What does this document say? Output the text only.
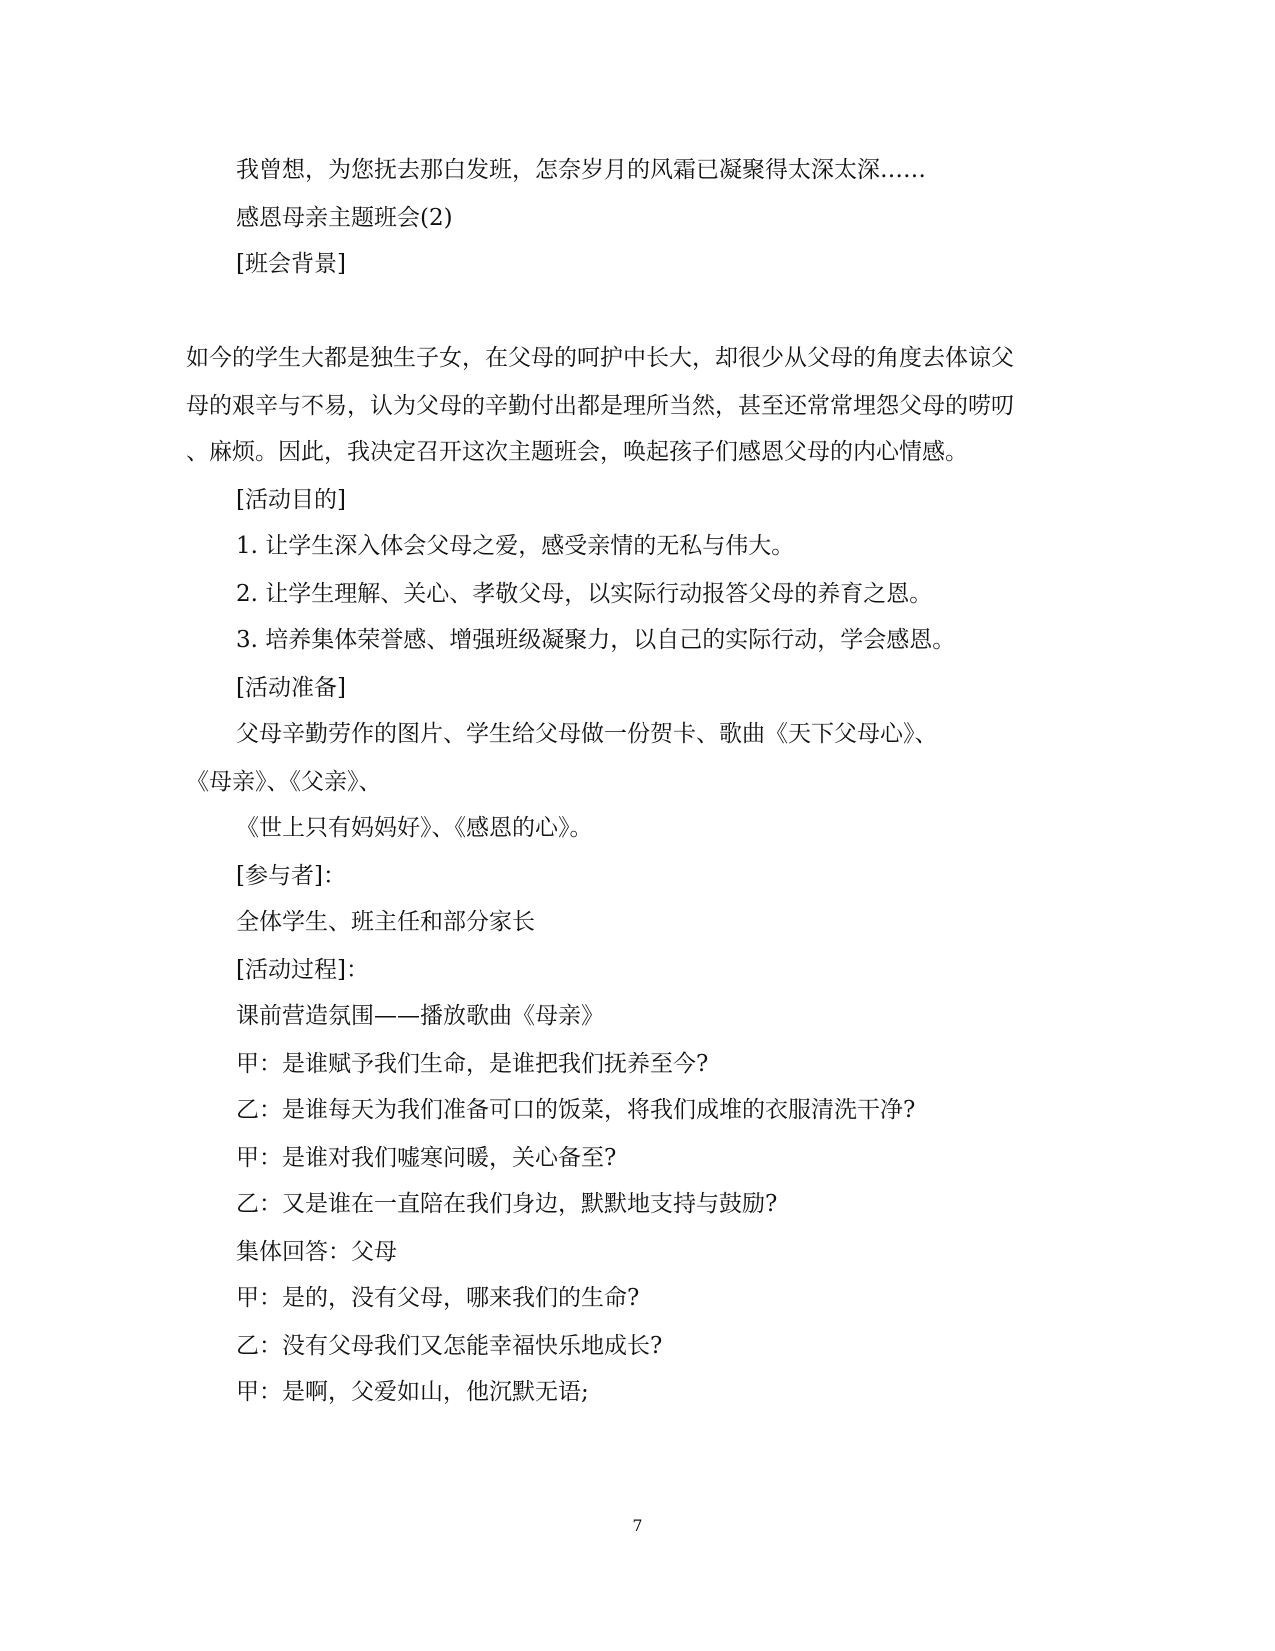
我曾想，为您抚去那白发班，怎奈岁月的风霜已凝聚得太深太深……
感恩母亲主题班会(2)
[班会背景]
如今的学生大都是独生子女，在父母的呵护中长大，却很少从父母的角度去体谅父
母的艰辛与不易，认为父母的辛勤付出都是理所当然，甚至还常常埋怨父母的唠叨
、麻烦。因此，我决定召开这次主题班会，唤起孩子们感恩父母的内心情感。
[活动目的]
1. 让学生深入体会父母之爱，感受亲情的无私与伟大。
2. 让学生理解、关心、孝敬父母，以实际行动报答父母的养育之恩。
3. 培养集体荣誉感、增强班级凝聚力，以自己的实际行动，学会感恩。
[活动准备]
父母辛勤劳作的图片、学生给父母做一份贺卡、歌曲《天下父母心》、
《母亲》、《父亲》、
《世上只有妈妈好》、《感恩的心》。
[参与者]：
全体学生、班主任和部分家长
[活动过程]：
课前营造氛围——播放歌曲《母亲》
甲：是谁赋予我们生命，是谁把我们抚养至今?
乙：是谁每天为我们准备可口的饭菜，将我们成堆的衣服清洗干净?
甲：是谁对我们嘘寒问暖，关心备至?
乙：又是谁在一直陪在我们身边，默默地支持与鼓励?
集体回答：父母
甲：是的，没有父母，哪来我们的生命?
乙：没有父母我们又怎能幸福快乐地成长?
甲：是啊，父爱如山，他沉默无语;
7
